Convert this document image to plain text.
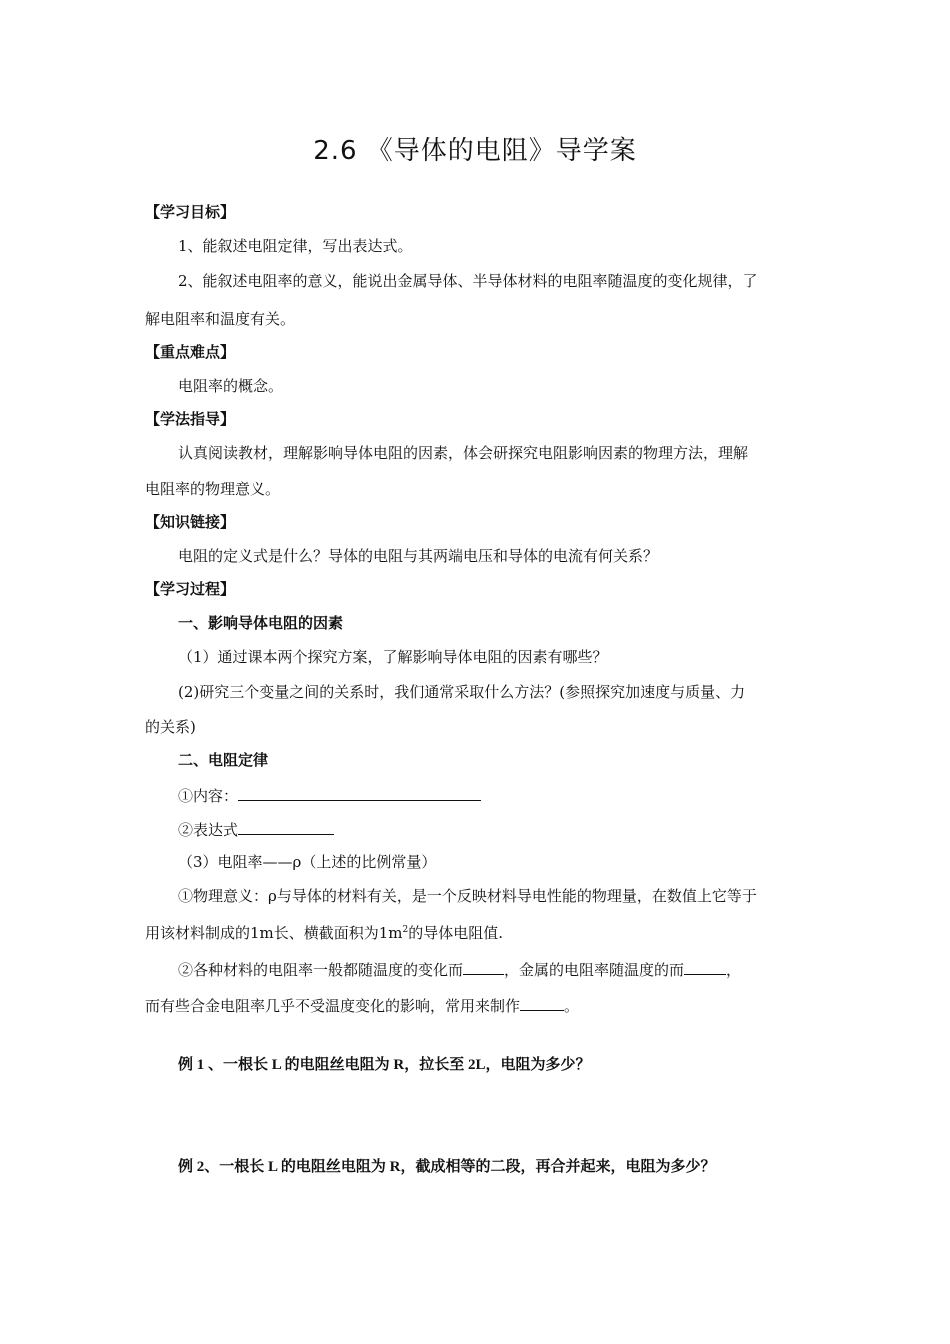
2.6 《导体的电阻》导学案
【学习目标】
1、能叙述电阻定律，写出表达式。
2、能叙述电阻率的意义，能说出金属导体、半导体材料的电阻率随温度的变化规律，了
解电阻率和温度有关。
【重点难点】
电阻率的概念。
【学法指导】
认真阅读教材，理解影响导体电阻的因素，体会研探究电阻影响因素的物理方法，理解
电阻率的物理意义。
【知识链接】
电阻的定义式是什么？导体的电阻与其两端电压和导体的电流有何关系？
【学习过程】
一、影响导体电阻的因素
（1）通过课本两个探究方案，了解影响导体电阻的因素有哪些？
(2)研究三个变量之间的关系时，我们通常采取什么方法？(参照探究加速度与质量、力
的关系)
二、电阻定律
①内容：
②表达式
（3）电阻率——ρ（上述的比例常量）
①物理意义：ρ与导体的材料有关，是一个反映材料导电性能的物理量，在数值上它等于
用该材料制成的1m长、横截面积为$1m^2$的导体电阻值.
②各种材料的电阻率一般都随温度的变化而	，金属的电阻率随温度的而	，
而有些合金电阻率几乎不受温度变化的影响，常用来制作	。
例 1 、一根长 L 的电阻丝电阻为 R，拉长至 2L，电阻为多少？
例 2、一根长 L 的电阻丝电阻为 R，截成相等的二段，再合并起来，电阻为多少？
